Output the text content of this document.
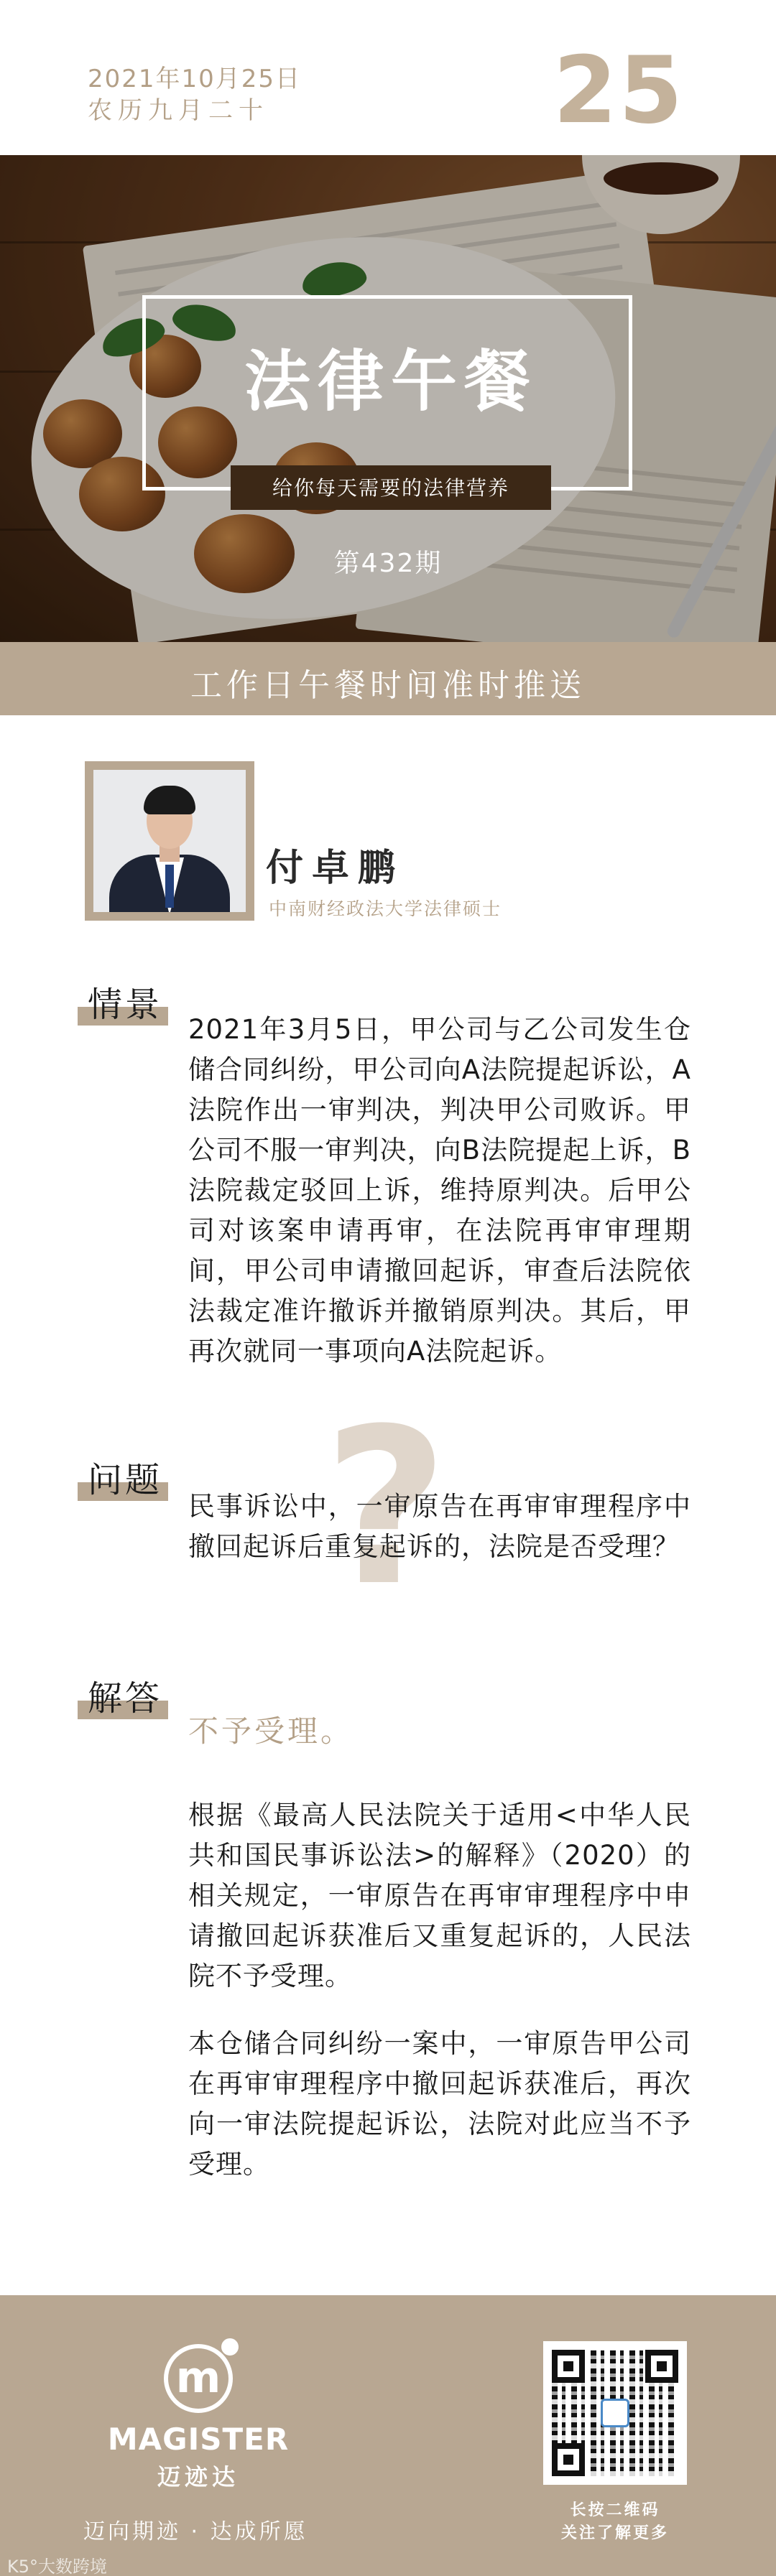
2021年10月25日
农历九月二十	25
法律午餐
给你每天需要的法律营养
第432期
工作日午餐时间准时推送
付卓鹏
中南财经政法大学法律硕士
情景
2021年3月5日，甲公司与乙公司发生仓储合同纠纷，甲公司向A法院提起诉讼，A法院作出一审判决，判决甲公司败诉。甲公司不服一审判决，向B法院提起上诉，B法院裁定驳回上诉，维持原判决。后甲公司对该案申请再审，在法院再审审理期间，甲公司申请撤回起诉，审查后法院依法裁定准许撤诉并撤销原判决。其后，甲再次就同一事项向A法院起诉。
?
问题
民事诉讼中，一审原告在再审审理程序中撤回起诉后重复起诉的，法院是否受理？
解答
不予受理。
根据《最高人民法院关于适用<中华人民共和国民事诉讼法>的解释》（2020）的相关规定，一审原告在再审审理程序中申请撤回起诉获准后又重复起诉的，人民法院不予受理。
本仓储合同纠纷一案中，一审原告甲公司在再审审理程序中撤回起诉获准后，再次向一审法院提起诉讼，法院对此应当不予受理。
m
MAGISTER
迈迹达
迈向期迹 · 达成所愿
长按二维码
关注了解更多
K5°大数跨境
